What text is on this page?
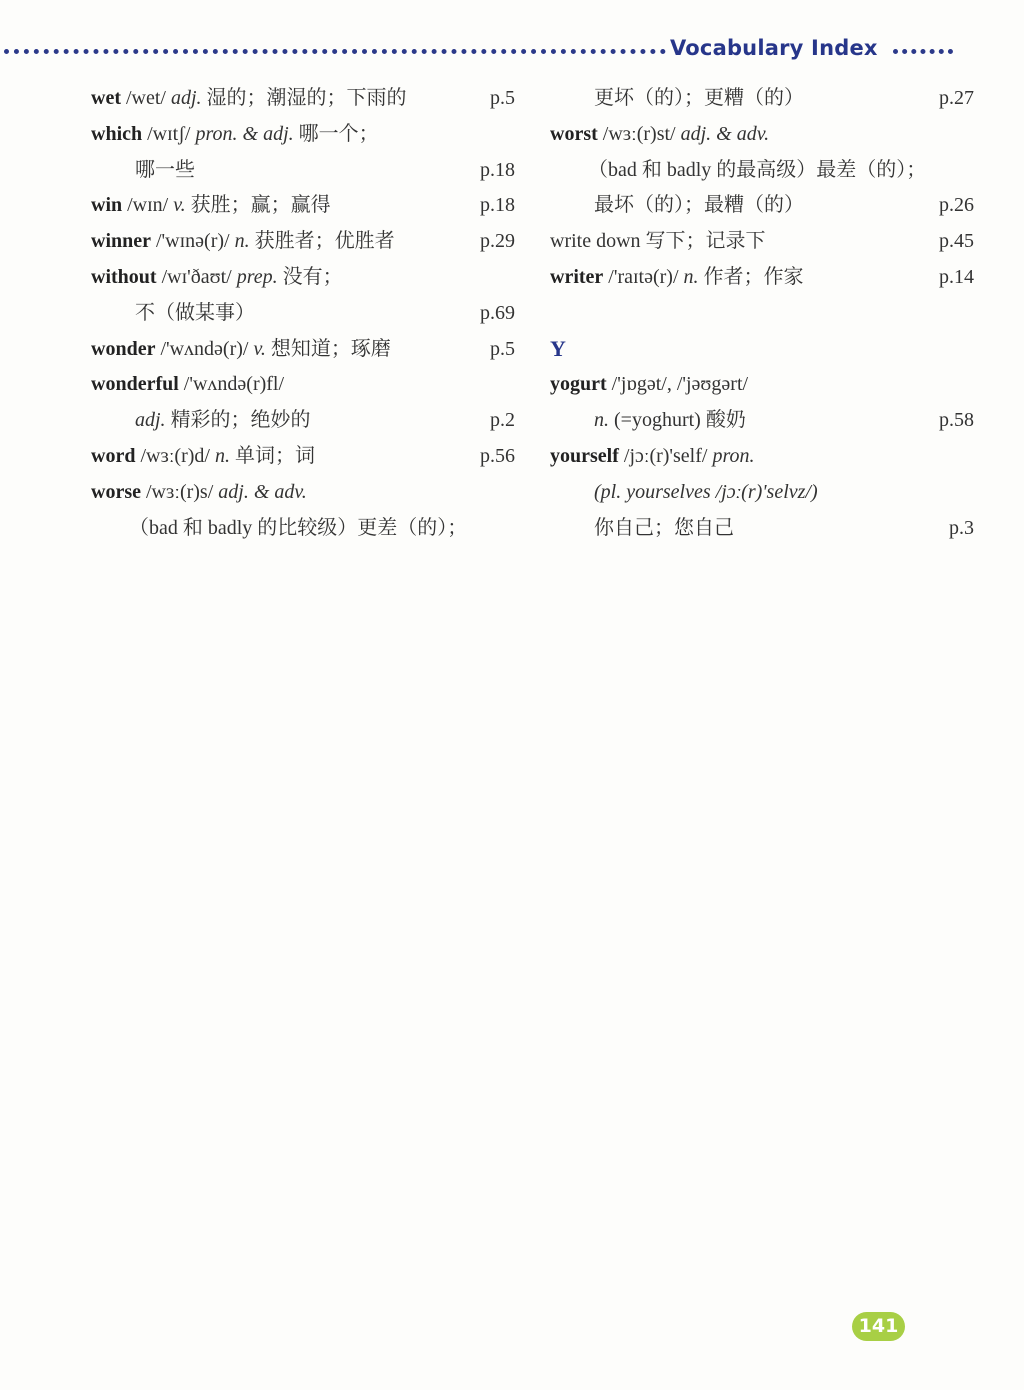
Vocabulary Index
wet /wet/ adj. 湿的；潮湿的；下雨的	p.5
which /wɪtʃ/ pron. & adj. 哪一个；
哪一些	p.18
win /wɪn/ v. 获胜；赢；赢得	p.18
winner /'wɪnə(r)/ n. 获胜者；优胜者	p.29
without /wɪ'ðaʊt/ prep. 没有；
不（做某事）	p.69
wonder /'wʌndə(r)/ v. 想知道；琢磨	p.5
wonderful /'wʌndə(r)fl/
adj. 精彩的；绝妙的	p.2
word /wɜː(r)d/ n. 单词；词	p.56
worse /wɜː(r)s/ adj. & adv.
（bad 和 badly 的比较级）更差（的）；
更坏（的）；更糟（的）	p.27
worst /wɜː(r)st/ adj. & adv.
（bad 和 badly 的最高级）最差（的）；
最坏（的）；最糟（的）	p.26
write down 写下；记录下	p.45
writer /'raɪtə(r)/ n. 作者；作家	p.14
Y
yogurt /'jɒgət/, /'jəʊgərt/
n. (=yoghurt) 酸奶	p.58
yourself /jɔː(r)'self/ pron.
(pl. yourselves /jɔː(r)'selvz/)
你自己；您自己	p.3
141
